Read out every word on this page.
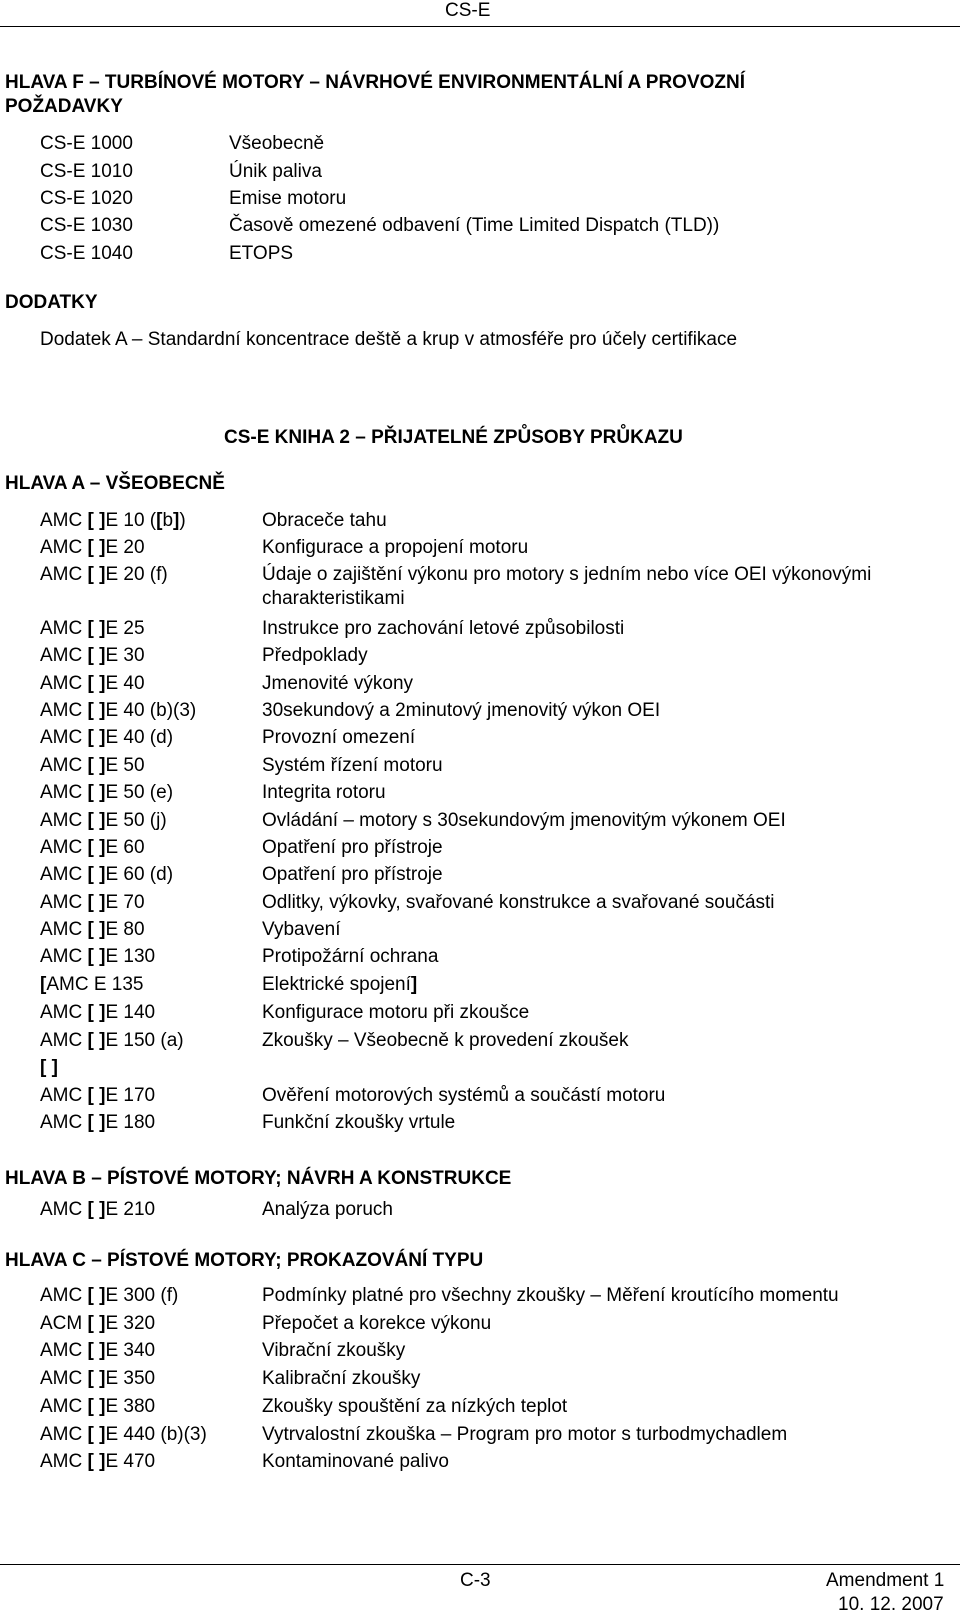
CS-E
HLAVA F – TURBÍNOVÉ MOTORY – NÁVRHOVÉ ENVIRONMENTÁLNÍ A PROVOZNÍ
POŽADAVKY
CS-E 1000	Všeobecně
CS-E 1010	Únik paliva
CS-E 1020	Emise motoru
CS-E 1030	Časově omezené odbavení (Time Limited Dispatch (TLD))
CS-E 1040	ETOPS
DODATKY
Dodatek A – Standardní koncentrace deště a krup v atmosféře pro účely certifikace
CS-E KNIHA 2 – PŘIJATELNÉ ZPŮSOBY PRŮKAZU
HLAVA A – VŠEOBECNĚ
AMC [ ]E 10 ([b])	Obraceče tahu
AMC [ ]E 20	Konfigurace a propojení motoru
AMC [ ]E 20 (f)	Údaje o zajištění výkonu pro motory s jedním nebo více OEI výkonovými
charakteristikami
AMC [ ]E 25	Instrukce pro zachování letové způsobilosti
AMC [ ]E 30	Předpoklady
AMC [ ]E 40	Jmenovité výkony
AMC [ ]E 40 (b)(3)	30sekundový a 2minutový jmenovitý výkon OEI
AMC [ ]E 40 (d)	Provozní omezení
AMC [ ]E 50	Systém řízení motoru
AMC [ ]E 50 (e)	Integrita rotoru
AMC [ ]E 50 (j)	Ovládání – motory s 30sekundovým jmenovitým výkonem OEI
AMC [ ]E 60	Opatření pro přístroje
AMC [ ]E 60 (d)	Opatření pro přístroje
AMC [ ]E 70	Odlitky, výkovky, svařované konstrukce a svařované součásti
AMC [ ]E 80	Vybavení
AMC [ ]E 130	Protipožární ochrana
[AMC E 135	Elektrické spojení]
AMC [ ]E 140	Konfigurace motoru při zkoušce
AMC [ ]E 150 (a)	Zkoušky – Všeobecně k provedení zkoušek
[ ]
AMC [ ]E 170	Ověření motorových systémů a součástí motoru
AMC [ ]E 180	Funkční zkoušky vrtule
HLAVA B – PÍSTOVÉ MOTORY; NÁVRH A KONSTRUKCE
AMC [ ]E 210	Analýza poruch
HLAVA C – PÍSTOVÉ MOTORY; PROKAZOVÁNÍ TYPU
AMC [ ]E 300 (f)	Podmínky platné pro všechny zkoušky – Měření kroutícího momentu
ACM [ ]E 320	Přepočet a korekce výkonu
AMC [ ]E 340	Vibrační zkoušky
AMC [ ]E 350	Kalibrační zkoušky
AMC [ ]E 380	Zkoušky spouštění za nízkých teplot
AMC [ ]E 440 (b)(3)	Vytrvalostní zkouška – Program pro motor s turbodmychadlem
AMC [ ]E 470	Kontaminované palivo
C-3	Amendment 1
10. 12. 2007
